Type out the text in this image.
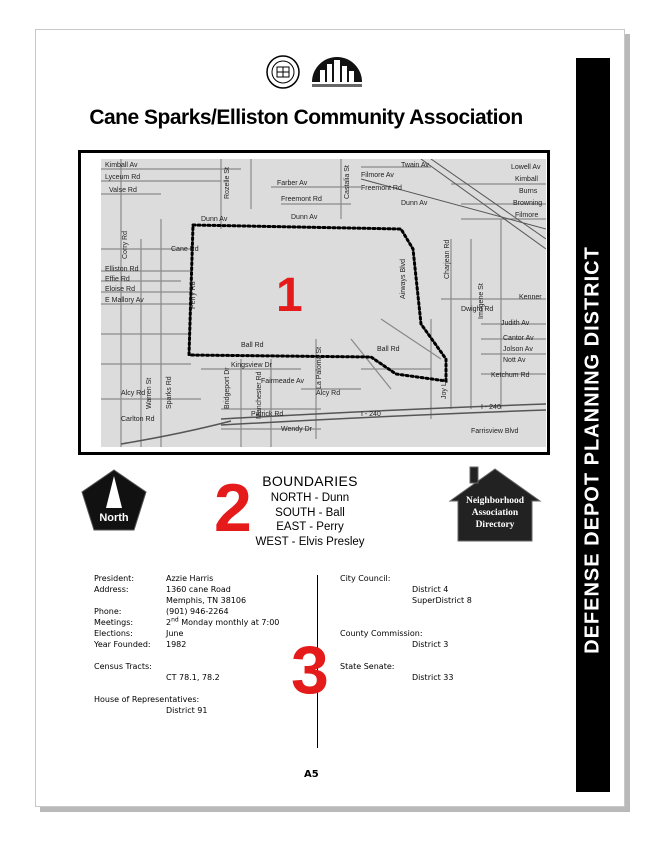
Cane Sparks/Elliston Community Association
1
Kimball Av
Lyceum Rd
Valse Rd
Farber Av
Freemont Rd
Filmore Av
Freemont Rd
Dunn Av	Dunn Av
Dunn Av
Twain Av	Lowell Av
Kimball
Burns
Browning
Filmore
Cane Rd
Elliston Rd
Effie Rd
Eloise Rd
E Mallory Av
Ball Rd
Ball Rd
Dwight Rd
Kenner
Judith Av
Cantor Av
Jolson Av
Nott Av
Ketchum Rd
Kingsview Dr
Fairmeade Av
Alcy Rd
Alcy Rd
Carlton Rd
Patrick Rd
Wendy Dr
I - 240
I - 240
Farrisview Blvd
Corry Rd
Perry Rd
Warren St Sparks Rd
Rozelle St	Castalia St
Airways Blvd	Charjean Rd
Imogene St
Bridgeport Dr	Manchester Rd
La Paloma St	Joy Ln
North 2 BOUNDARIES
NORTH - Dunn
SOUTH - Ball
EAST - Perry
WEST - Elvis Presley
Neighborhood
Association
Directory
President:	Azzie Harris
Address:	1360 cane Road
Memphis, TN 38106
Phone:	(901) 946-2264
Meetings:	2nd Monday monthly at 7:00
Elections:	June
Year Founded:	1982
Census Tracts:
CT 78.1, 78.2
House of Representatives:
District 91
3
City Council:
District 4
SuperDistrict 8
County Commission:
District 3
State Senate:
District 33
A5
DEFENSE DEPOT PLANNING DISTRICT
